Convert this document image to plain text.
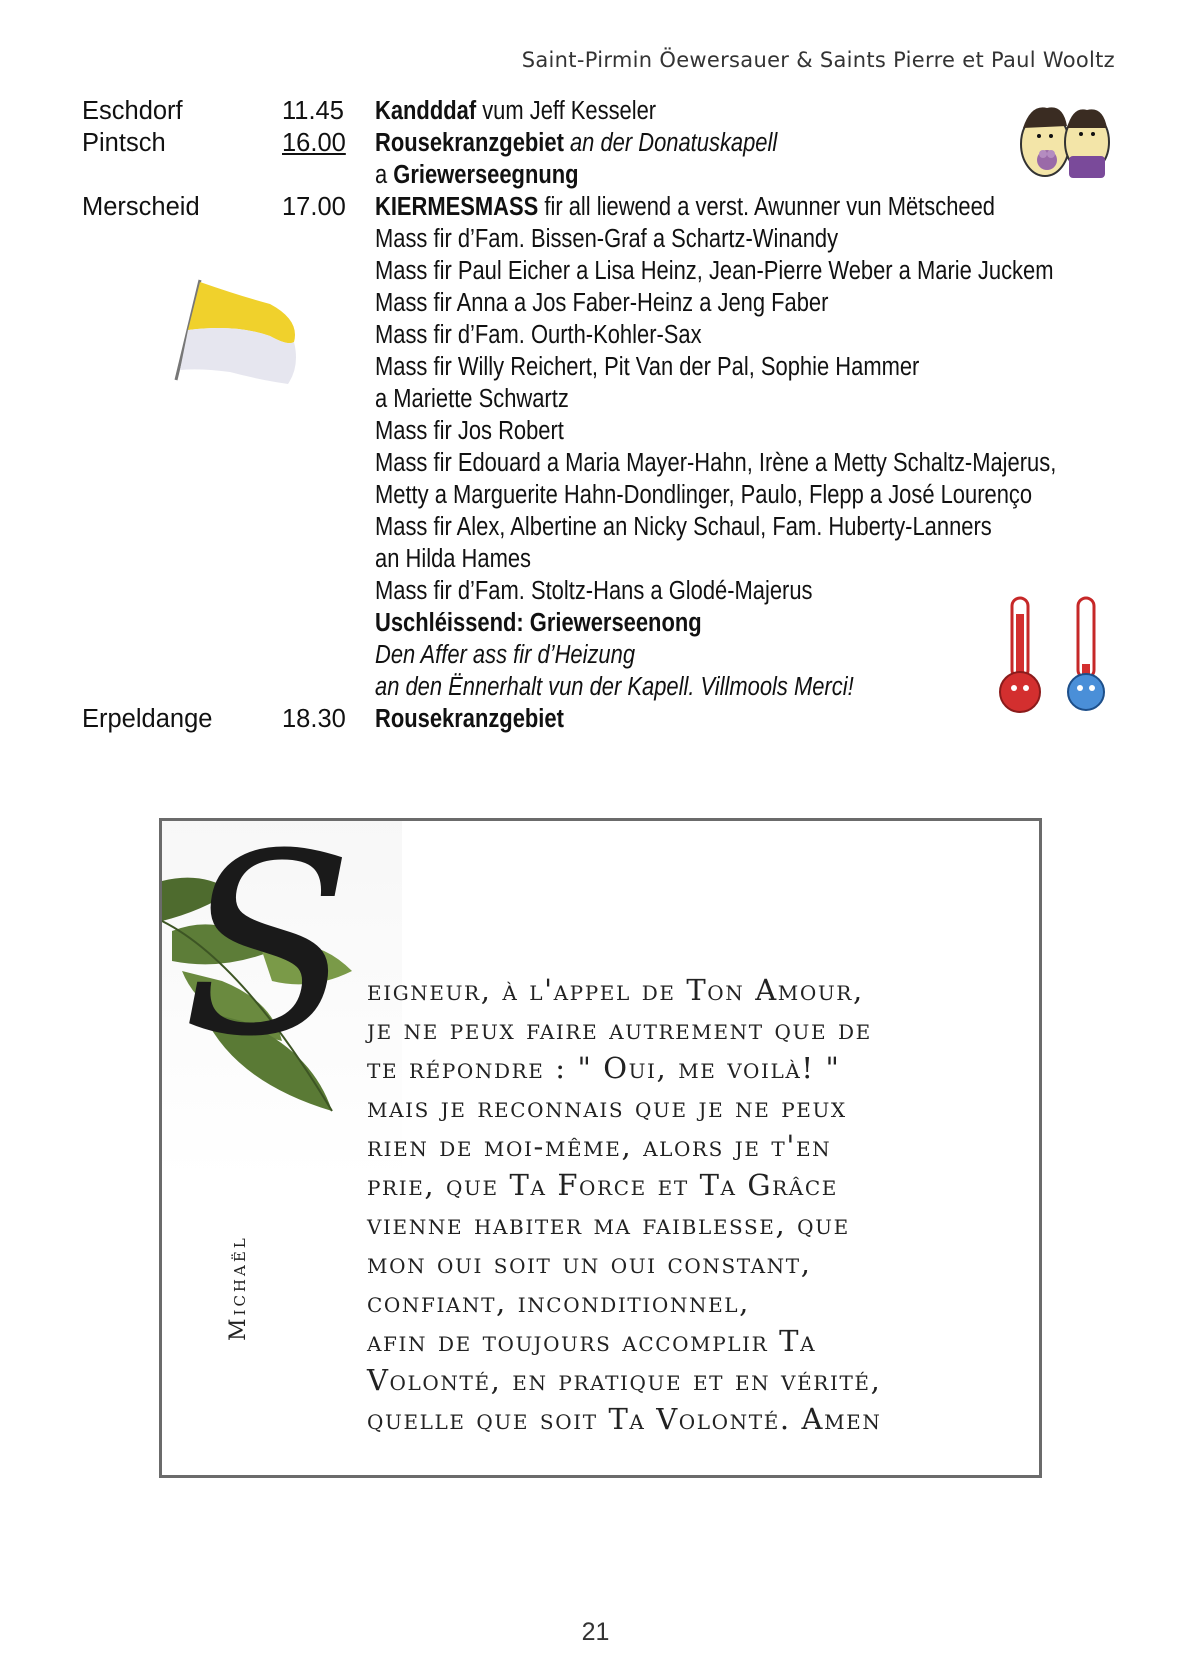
Saint-Pirmin Öewersauer & Saints Pierre et Paul Wooltz
Eschdorf	11.45	Kandddaf vum Jeff Kesseler
Pintsch	16.00	Rousekranzgebiet an der Donatuskapell
a Griewerseegnung
Merscheid	17.00	KIERMESMASS fir all liewend a verst. Awunner vun Mëtscheed
Mass fir d’Fam. Bissen-Graf a Schartz-Winandy
Mass fir Paul Eicher a Lisa Heinz, Jean-Pierre Weber a Marie Juckem
Mass fir Anna a Jos Faber-Heinz a Jeng Faber
Mass fir d’Fam. Ourth-Kohler-Sax
Mass fir Willy Reichert, Pit Van der Pal, Sophie Hammer
a Mariette Schwartz
Mass fir Jos Robert
Mass fir Edouard a Maria Mayer-Hahn, Irène a Metty Schaltz-Majerus,
Metty a Marguerite Hahn-Dondlinger, Paulo, Flepp a José Lourenço
Mass fir Alex, Albertine an Nicky Schaul, Fam. Huberty-Lanners
an Hilda Hames
Mass fir d’Fam. Stoltz-Hans a Glodé-Majerus
Uschléissend: Griewerseenong
Den Affer ass fir d’Heizung
an den Ënnerhalt vun der Kapell. Villmools Merci!
Erpeldange	18.30	Rousekranzgebiet
S
Michaël
eigneur, à l'appel de Ton Amour,
je ne peux faire autrement que de
te répondre : " Oui, me voilà! "
mais je reconnais que je ne peux
rien de moi-même, alors je t'en
prie, que Ta Force et Ta Grâce
vienne habiter ma faiblesse, que
mon oui soit un oui constant,
confiant, inconditionnel,
afin de toujours accomplir Ta
Volonté, en pratique et en vérité,
quelle que soit Ta Volonté. Amen
21
